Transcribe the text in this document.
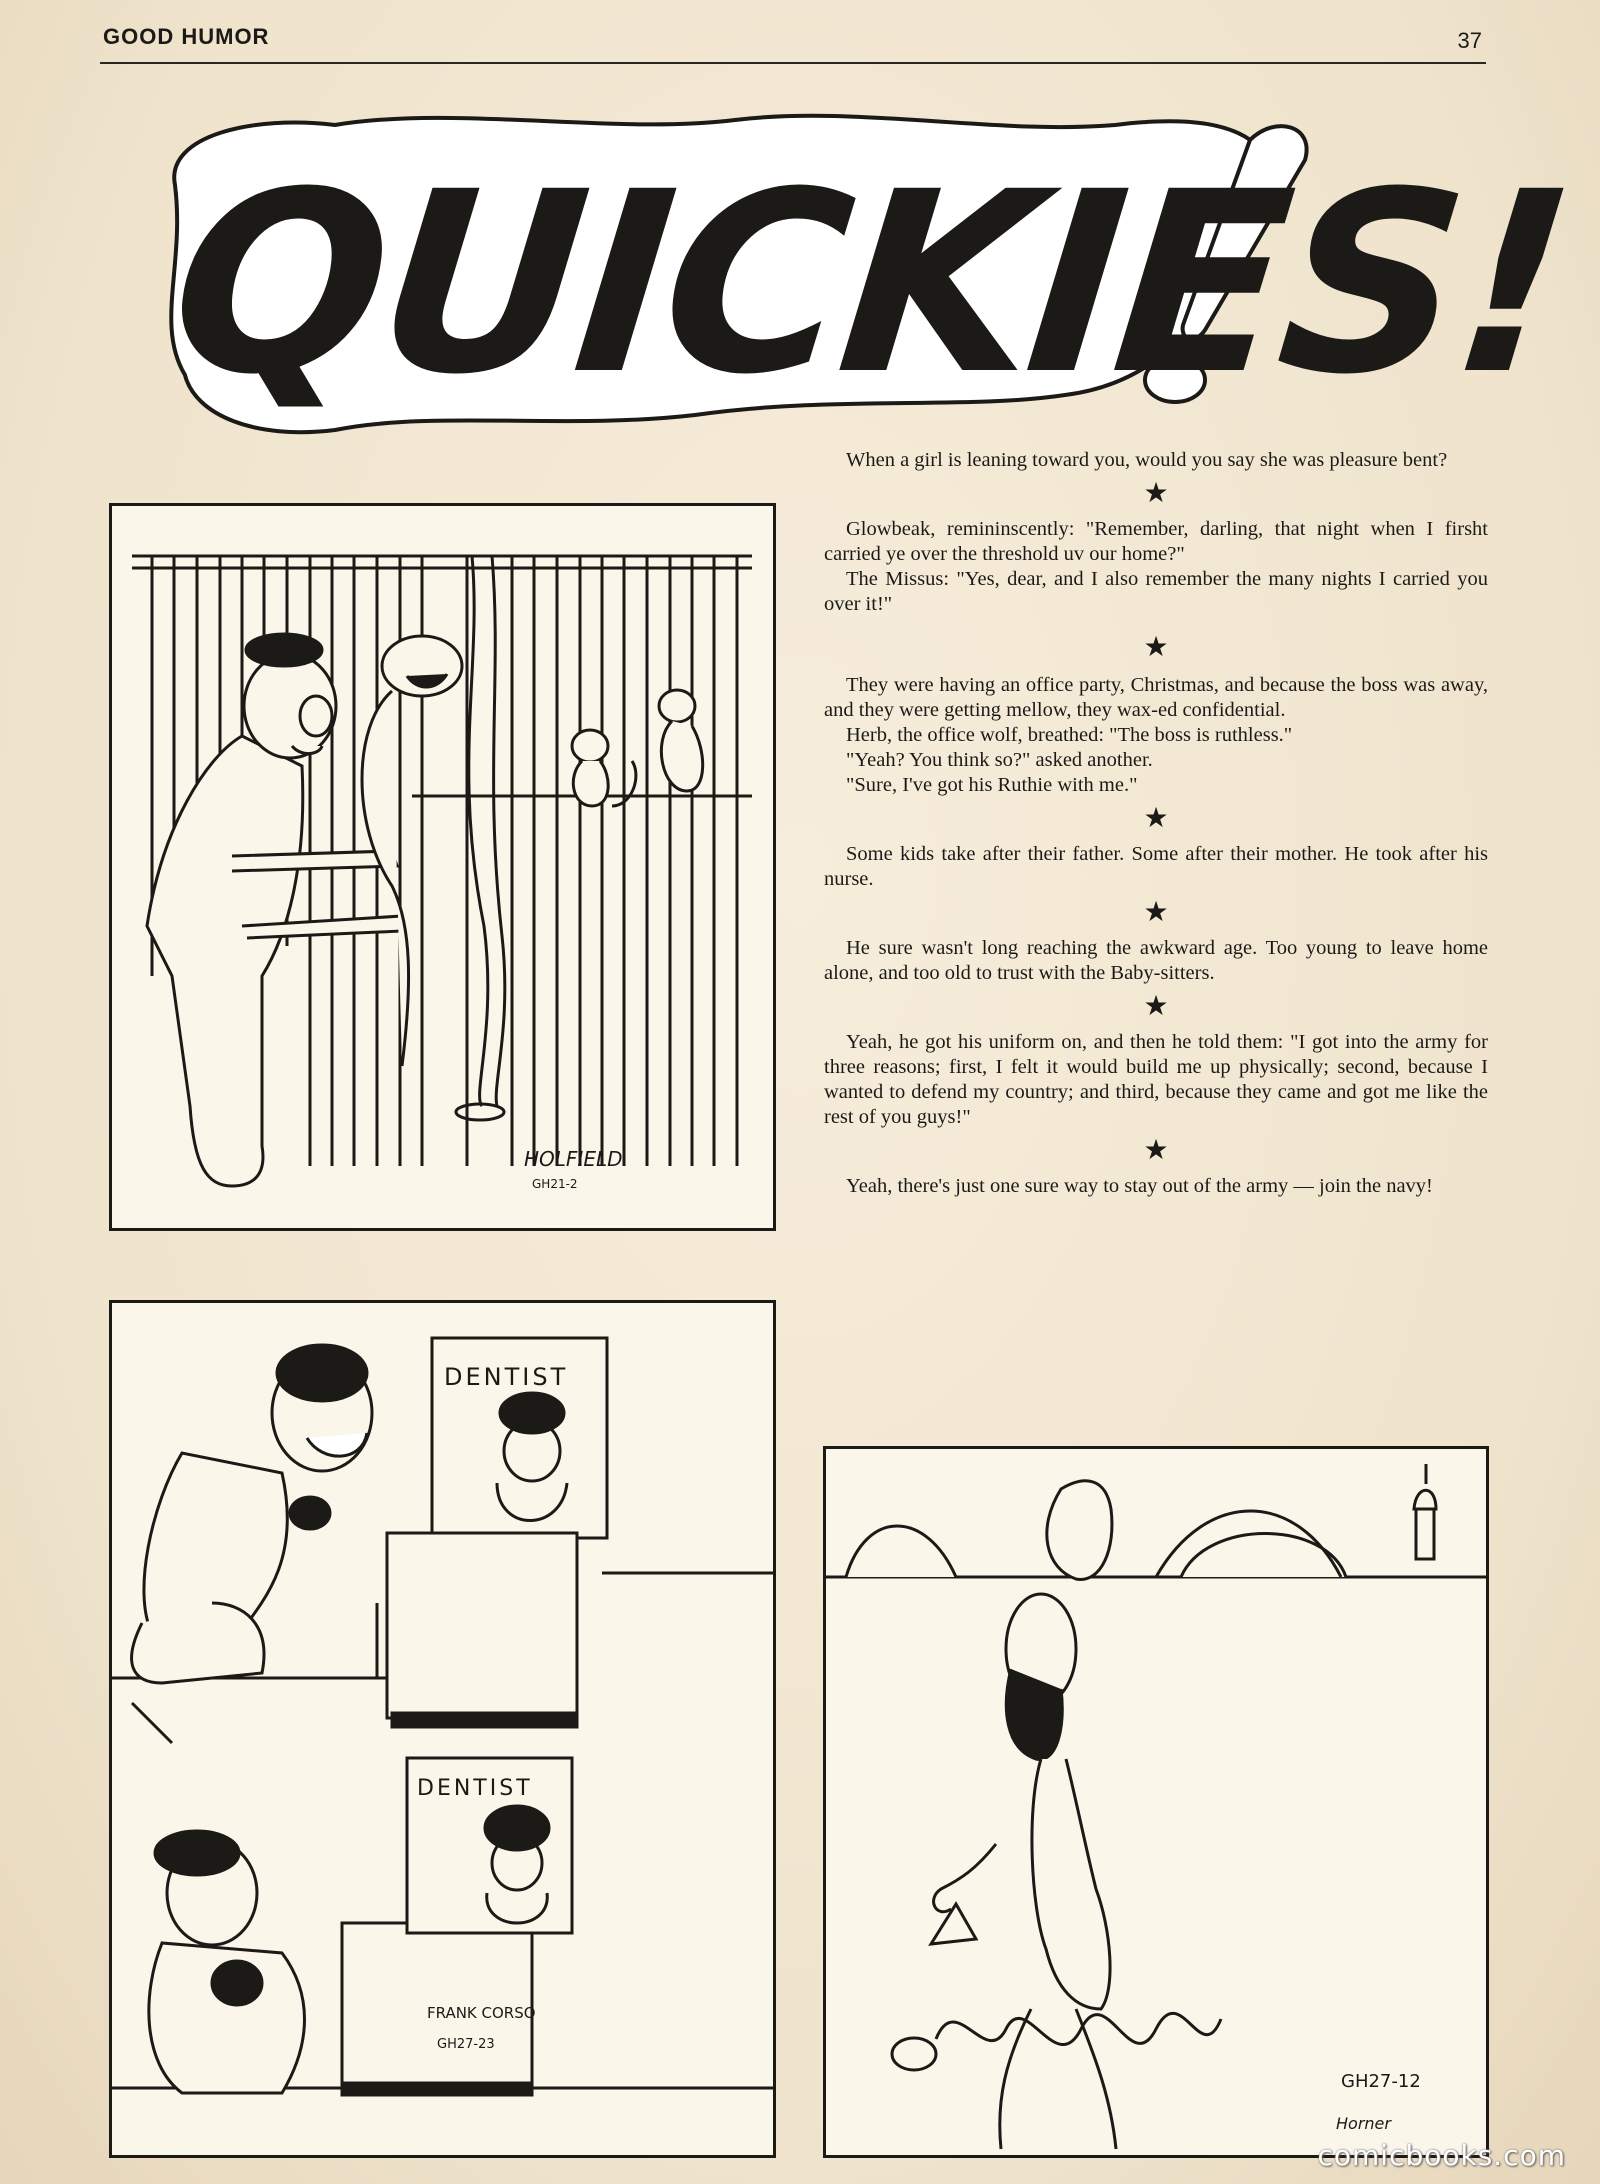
GOOD HUMOR	37
QUICKIES!
HOLFIELD
GH21-2

When a girl is leaning toward you, would you say she was pleasure bent?

★

Glowbeak, remininscently: "Remember, darling, that night when I firsht carried ye over the threshold uv our home?"

The Missus: "Yes, dear, and I also remember the many nights I carried you over it!"

★

They were having an office party, Christmas, and because the boss was away, and they were getting mellow, they wax-ed confidential.

Herb, the office wolf, breathed: "The boss is ruthless."

"Yeah? You think so?" asked another.

"Sure, I've got his Ruthie with me."

★

Some kids take after their father. Some after their mother. He took after his nurse.

★

He sure wasn't long reaching the awkward age. Too young to leave home alone, and too old to trust with the Baby-sitters.

★

Yeah, he got his uniform on, and then he told them: "I got into the army for three reasons; first, I felt it would build me up physically; second, because I wanted to defend my country; and third, because they came and got me like the rest of you guys!"

★

Yeah, there's just one sure way to stay out of the army — join the navy!

DENTIST
DENTIST
FRANK CORSO
GH27-23
GH27-12
Horner
comicbooks.com
